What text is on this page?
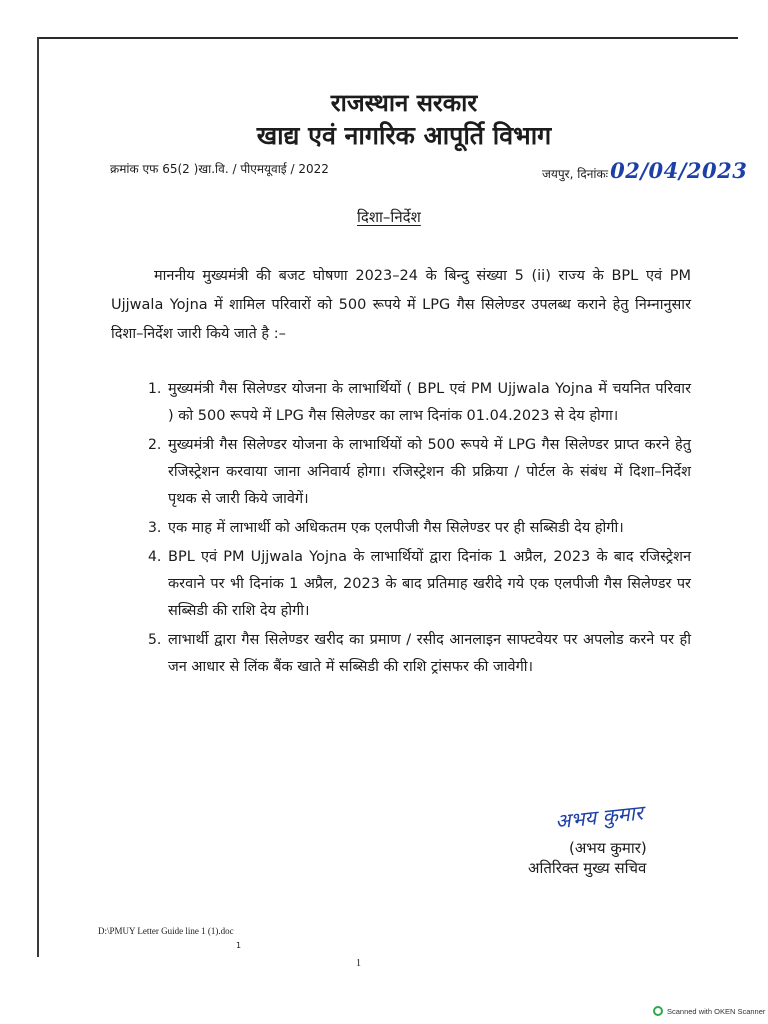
राजस्थान सरकार
खाद्य एवं नागरिक आपूर्ति विभाग
क्रमांक एफ 65(2 )खा.वि. / पीएमयूवाई / 2022	जयपुर, दिनांकः02/04/2023
दिशा–निर्देश
माननीय मुख्यमंत्री की बजट घोषणा 2023–24 के बिन्दु संख्या 5 (ii) राज्य के BPL एवं PM Ujjwala Yojna में शामिल परिवारों को 500 रूपये में LPG गैस सिलेण्डर उपलब्ध कराने हेतु निम्नानुसार दिशा–निर्देश जारी किये जाते है :–
1. मुख्यमंत्री गैस सिलेण्डर योजना के लाभार्थियों ( BPL एवं PM Ujjwala Yojna में चयनित परिवार ) को 500 रूपये में LPG गैस सिलेण्डर का लाभ दिनांक 01.04.2023 से देय होगा।
2. मुख्यमंत्री गैस सिलेण्डर योजना के लाभार्थियों को 500 रूपये में LPG गैस सिलेण्डर प्राप्त करने हेतु रजिस्ट्रेशन करवाया जाना अनिवार्य होगा। रजिस्ट्रेशन की प्रक्रिया / पोर्टल के संबंध में दिशा–निर्देश पृथक से जारी किये जावेगें।
3. एक माह में लाभार्थी को अधिकतम एक एलपीजी गैस सिलेण्डर पर ही सब्सिडी देय होगी।
4. BPL एवं PM Ujjwala Yojna के लाभार्थियों द्वारा दिनांक 1 अप्रैल, 2023 के बाद रजिस्ट्रेशन करवाने पर भी दिनांक 1 अप्रैल, 2023 के बाद प्रतिमाह खरीदे गये एक एलपीजी गैस सिलेण्डर पर सब्सिडी की राशि देय होगी।
5. लाभार्थी द्वारा गैस सिलेण्डर खरीद का प्रमाण / रसीद आनलाइन साफ्टवेयर पर अपलोड करने पर ही जन आधार से लिंक बैंक खाते में सब्सिडी की राशि ट्रांसफर की जावेगी।
अभय कुमार
(अभय कुमार)
अतिरिक्त मुख्य सचिव
D:\PMUY Letter Guide line 1 (1).doc
1
1
Scanned with OKEN Scanner
